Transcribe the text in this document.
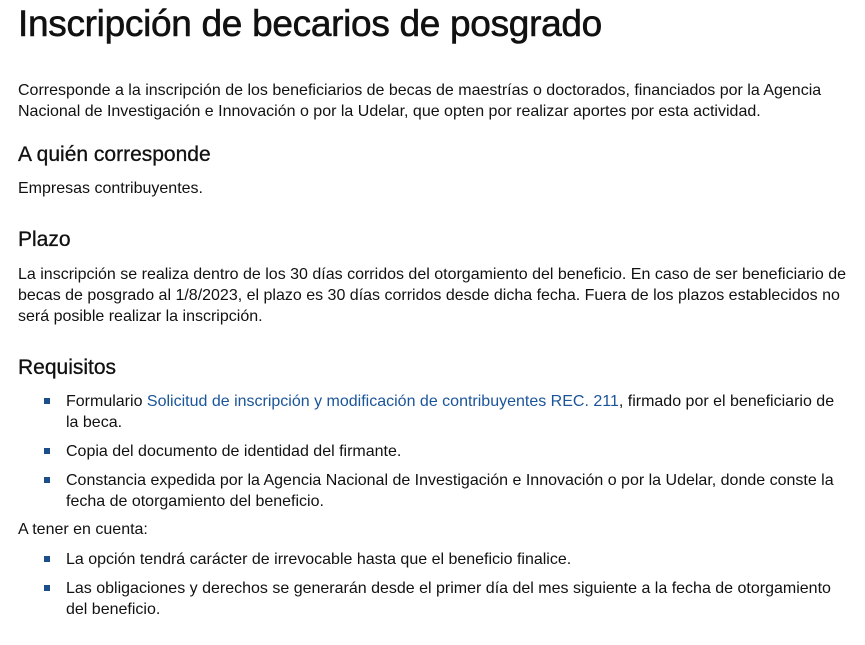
Inscripción de becarios de posgrado

Corresponde a la inscripción de los beneficiarios de becas de maestrías o doctorados, financiados por la Agencia Nacional de Investigación e Innovación o por la Udelar, que opten por realizar aportes por esta actividad.

A quién corresponde

Empresas contribuyentes.

Plazo

La inscripción se realiza dentro de los 30 días corridos del otorgamiento del beneficio. En caso de ser beneficiario de becas de posgrado al 1/8/2023, el plazo es 30 días corridos desde dicha fecha. Fuera de los plazos establecidos no será posible realizar la inscripción.

Requisitos
Formulario Solicitud de inscripción y modificación de contribuyentes REC. 211, firmado por el beneficiario de la beca.
Copia del documento de identidad del firmante.
Constancia expedida por la Agencia Nacional de Investigación e Innovación o por la Udelar, donde conste la fecha de otorgamiento del beneficio.

A tener en cuenta:

La opción tendrá carácter de irrevocable hasta que el beneficio finalice.
Las obligaciones y derechos se generarán desde el primer día del mes siguiente a la fecha de otorgamiento del beneficio.
